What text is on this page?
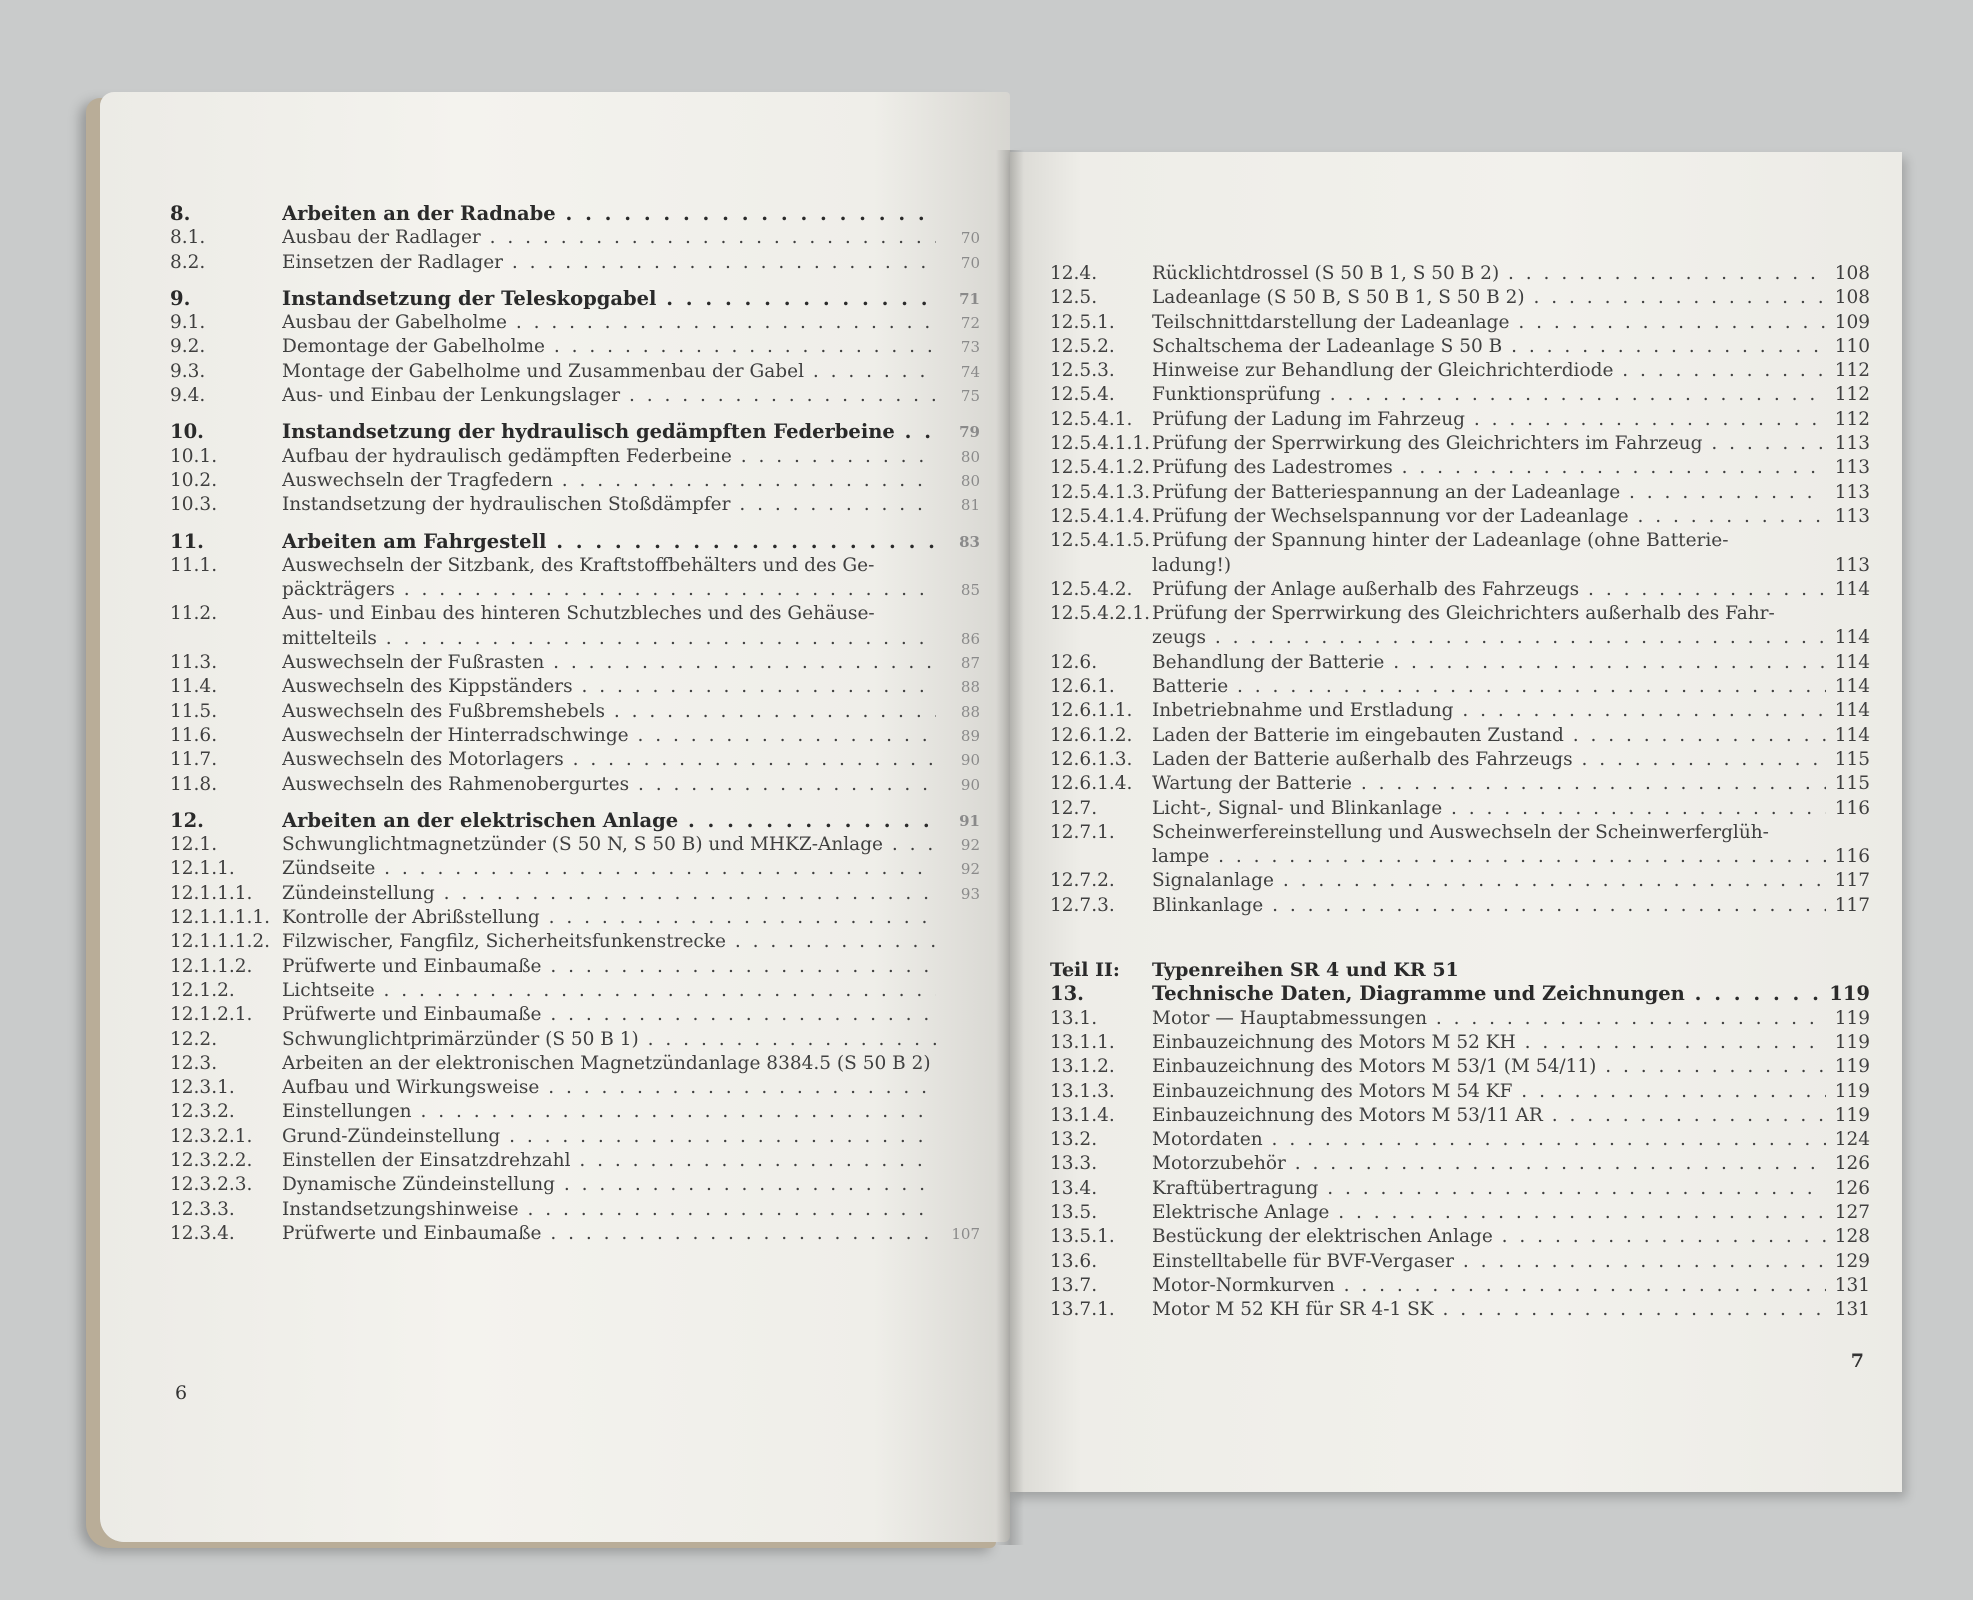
8.	Arbeiten an der Radnabe . . .
8.1.	Ausbau der Radlager . . .	70
8.2.	Einsetzen der Radlager . . .	70
9.	Instandsetzung der Teleskopgabel . . .	71
9.1.	Ausbau der Gabelholme . . .	72
9.2.	Demontage der Gabelholme . . .	73
9.3.	Montage der Gabelholme und Zusammenbau der Gabel . . .	74
9.4.	Aus- und Einbau der Lenkungslager . . .	75
10.	Instandsetzung der hydraulisch gedämpften Federbeine . . .	79
10.1.	Aufbau der hydraulisch gedämpften Federbeine . . .	80
10.2.	Auswechseln der Tragfedern . . .	80
10.3.	Instandsetzung der hydraulischen Stoßdämpfer . . .	81
11.	Arbeiten am Fahrgestell . . .	83
11.1.	Auswechseln der Sitzbank, des Kraftstoffbehälters und des Ge-
päckträgers . . .	85
11.2.	Aus- und Einbau des hinteren Schutzbleches und des Gehäuse-
mittelteils . . .	86
11.3.	Auswechseln der Fußrasten . . .	87
11.4.	Auswechseln des Kippständers . . .	88
11.5.	Auswechseln des Fußbremshebels . . .	88
11.6.	Auswechseln der Hinterradschwinge . . .	89
11.7.	Auswechseln des Motorlagers . . .	90
11.8.	Auswechseln des Rahmenobergurtes . . .	90
12.	Arbeiten an der elektrischen Anlage . . .	91
12.1.	Schwunglichtmagnetzünder (S 50 N, S 50 B) und MHKZ-Anlage . . .	92
12.1.1.	Zündseite . . .	92
12.1.1.1.	Zündeinstellung . . .	93
12.1.1.1.1. Kontrolle der Abrißstellung . . .
12.1.1.1.2. Filzwischer, Fangfilz, Sicherheitsfunkenstrecke . . .
12.1.1.2.	Prüfwerte und Einbaumaße . . .
12.1.2.	Lichtseite . . .
12.1.2.1.	Prüfwerte und Einbaumaße . . .
12.2.	Schwunglichtprimärzünder (S 50 B 1) . . .
12.3.	Arbeiten an der elektronischen Magnetzündanlage 8384.5 (S 50 B 2)
12.3.1.	Aufbau und Wirkungsweise . . .
12.3.2.	Einstellungen . . .
12.3.2.1.	Grund-Zündeinstellung . . .
12.3.2.2.	Einstellen der Einsatzdrehzahl . . .
12.3.2.3.	Dynamische Zündeinstellung . . .
12.3.3.	Instandsetzungshinweise . . .
12.3.4.	Prüfwerte und Einbaumaße . . .	107
6
12.4.	Rücklichtdrossel (S 50 B 1, S 50 B 2) . . .	108
12.5.	Ladeanlage (S 50 B, S 50 B 1, S 50 B 2) . . .	108
12.5.1.	Teilschnittdarstellung der Ladeanlage . . .	109
12.5.2.	Schaltschema der Ladeanlage S 50 B . . .	110
12.5.3.	Hinweise zur Behandlung der Gleichrichterdiode . . .	112
12.5.4.	Funktionsprüfung . . .	112
12.5.4.1.	Prüfung der Ladung im Fahrzeug . . .	112
12.5.4.1.1. Prüfung der Sperrwirkung des Gleichrichters im Fahrzeug . . .	113
12.5.4.1.2. Prüfung des Ladestromes . . .	113
12.5.4.1.3. Prüfung der Batteriespannung an der Ladeanlage . . .	113
12.5.4.1.4. Prüfung der Wechselspannung vor der Ladeanlage . . .	113
12.5.4.1.5. Prüfung der Spannung hinter der Ladeanlage (ohne Batterie-
ladung!)	113
12.5.4.2.	Prüfung der Anlage außerhalb des Fahrzeugs . . .	114
12.5.4.2.1. Prüfung der Sperrwirkung des Gleichrichters außerhalb des Fahr-
zeugs . . .	114
12.6.	Behandlung der Batterie . . .	114
12.6.1.	Batterie . . .	114
12.6.1.1.	Inbetriebnahme und Erstladung . . .	114
12.6.1.2.	Laden der Batterie im eingebauten Zustand . . .	114
12.6.1.3.	Laden der Batterie außerhalb des Fahrzeugs . . .	115
12.6.1.4.	Wartung der Batterie . . .	115
12.7.	Licht-, Signal- und Blinkanlage . . .	116
12.7.1.	Scheinwerfereinstellung und Auswechseln der Scheinwerferglüh-
lampe . . .	116
12.7.2.	Signalanlage . . .	117
12.7.3.	Blinkanlage . . .	117
Teil II:	Typenreihen SR 4 und KR 51
13.	Technische Daten, Diagramme und Zeichnungen . . .	119
13.1.	Motor — Hauptabmessungen . . .	119
13.1.1.	Einbauzeichnung des Motors M 52 KH . . .	119
13.1.2.	Einbauzeichnung des Motors M 53/1 (M 54/11) . . .	119
13.1.3.	Einbauzeichnung des Motors M 54 KF . . .	119
13.1.4.	Einbauzeichnung des Motors M 53/11 AR . . .	119
13.2.	Motordaten . . .	124
13.3.	Motorzubehör . . .	126
13.4.	Kraftübertragung . . .	126
13.5.	Elektrische Anlage . . .	127
13.5.1.	Bestückung der elektrischen Anlage . . .	128
13.6.	Einstelltabelle für BVF-Vergaser . . .	129
13.7.	Motor-Normkurven . . .	131
13.7.1.	Motor M 52 KH für SR 4-1 SK . . .	131
7
